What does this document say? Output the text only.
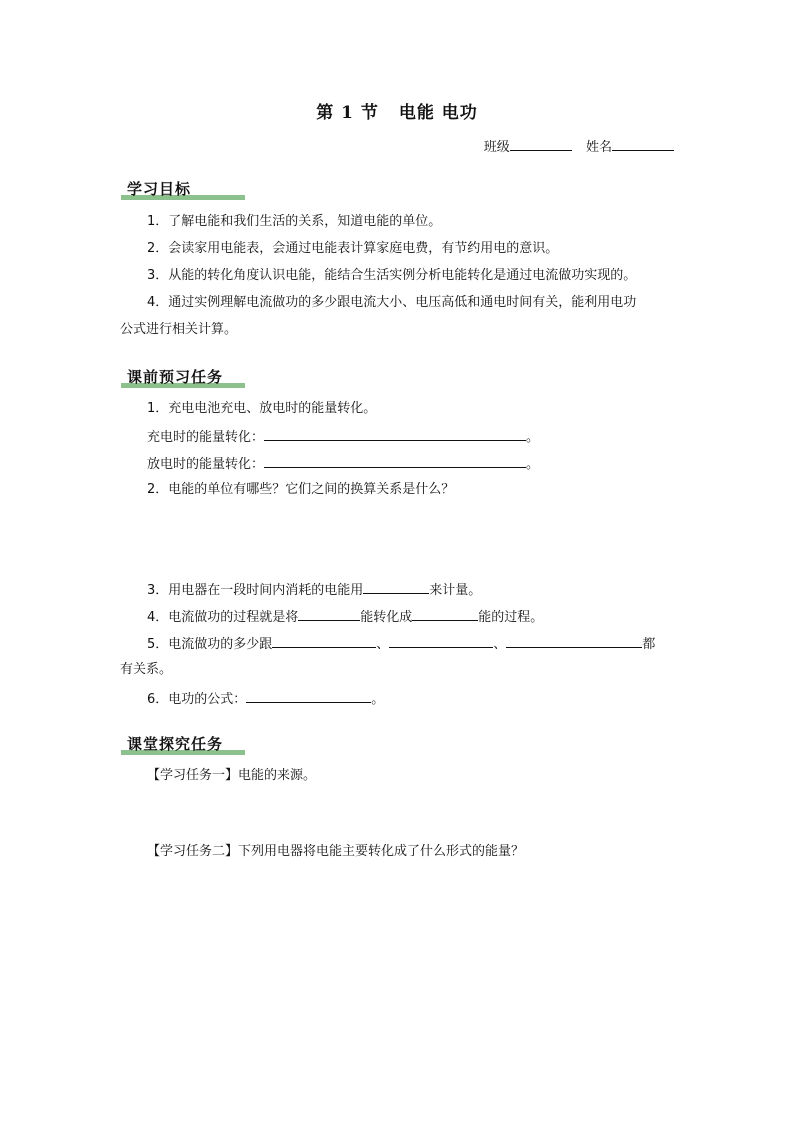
第 1 节 电能 电功
班级	姓名
学习目标
1．了解电能和我们生活的关系，知道电能的单位。
2．会读家用电能表，会通过电能表计算家庭电费，有节约用电的意识。
3．从能的转化角度认识电能，能结合生活实例分析电能转化是通过电流做功实现的。
4．通过实例理解电流做功的多少跟电流大小、电压高低和通电时间有关，能利用电功
公式进行相关计算。
课前预习任务
1．充电电池充电、放电时的能量转化。
充电时的能量转化：	。
放电时的能量转化：	。
2．电能的单位有哪些？它们之间的换算关系是什么？
3．用电器在一段时间内消耗的电能用	来计量。
4．电流做功的过程就是将	能转化成	能的过程。
5．电流做功的多少跟	、	、	都
有关系。
6．电功的公式：	。
课堂探究任务
【学习任务一】电能的来源。
【学习任务二】下列用电器将电能主要转化成了什么形式的能量？
